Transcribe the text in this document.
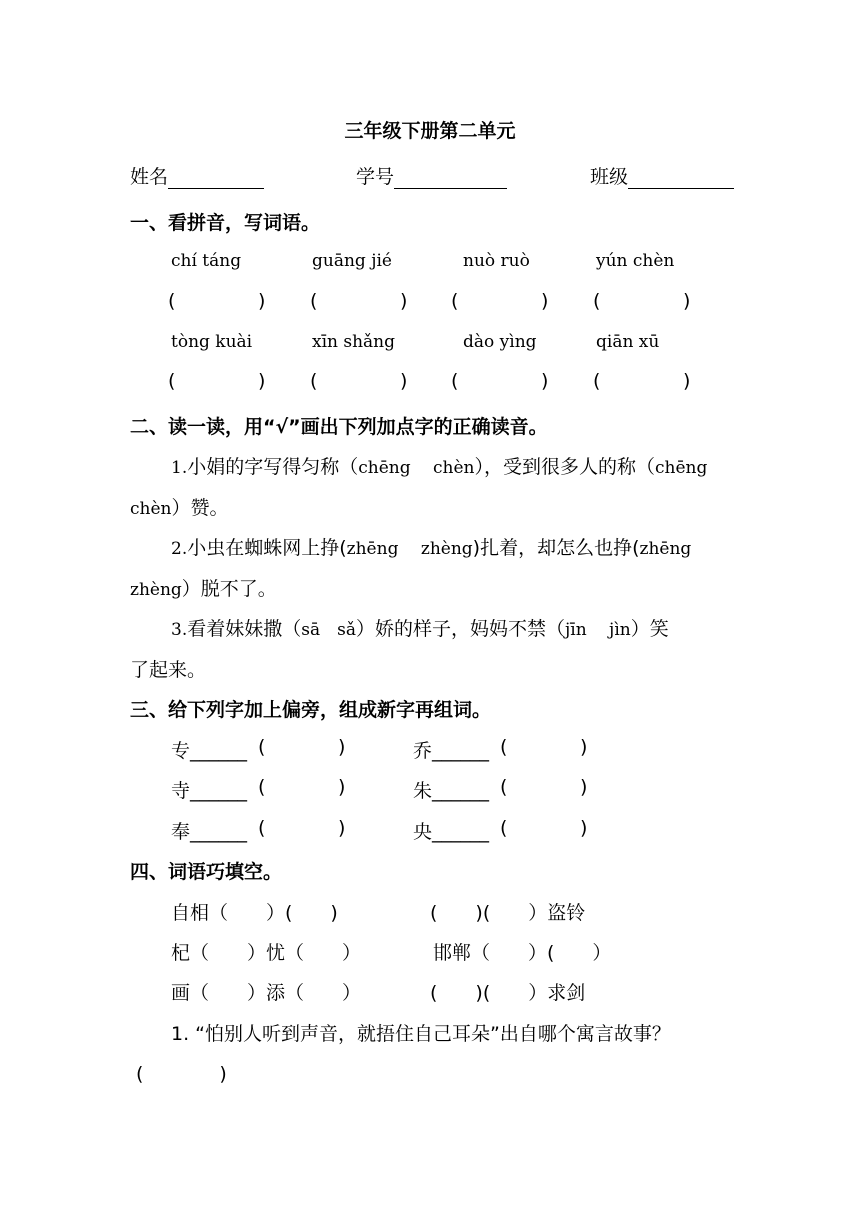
三年级下册第二单元
姓名	学号	班级
一、看拼音，写词语。
chí táng	guāng jié	nuò ruò	yún chèn
(	) (	) (	) (	)
tòng kuài	xīn shǎng	dào yìng	qiān xū
(	) (	) (	) (	)
二、读一读，用“√”画出下列加点字的正确读音。
1.小娟的字写得匀称（chēng　 chèn），受到很多人的称（chēng
chèn）赞。
2.小虫在蜘蛛网上挣(zhēng　 zhèng)扎着，却怎么也挣(zhēng
zhèng）脱不了。
3.看着妹妹撒（sā　sǎ）娇的样子，妈妈不禁（jīn　 jìn）笑
了起来。
三、给下列字加上偏旁，组成新字再组词。
专______ (	)	乔______ (	)
寺______ (	)	朱______ (	)
奉______ (	)	央______ (	)
四、词语巧填空。
自相（　　）(　　)	(　　)(　　）盗铃
杞（　　）忧（　　）	邯郸（　　）(　　）
画（　　）添（　　）	(　　)(　　）求剑
1. “怕别人听到声音，就捂住自己耳朵”出自哪个寓言故事？
(　　　　)
